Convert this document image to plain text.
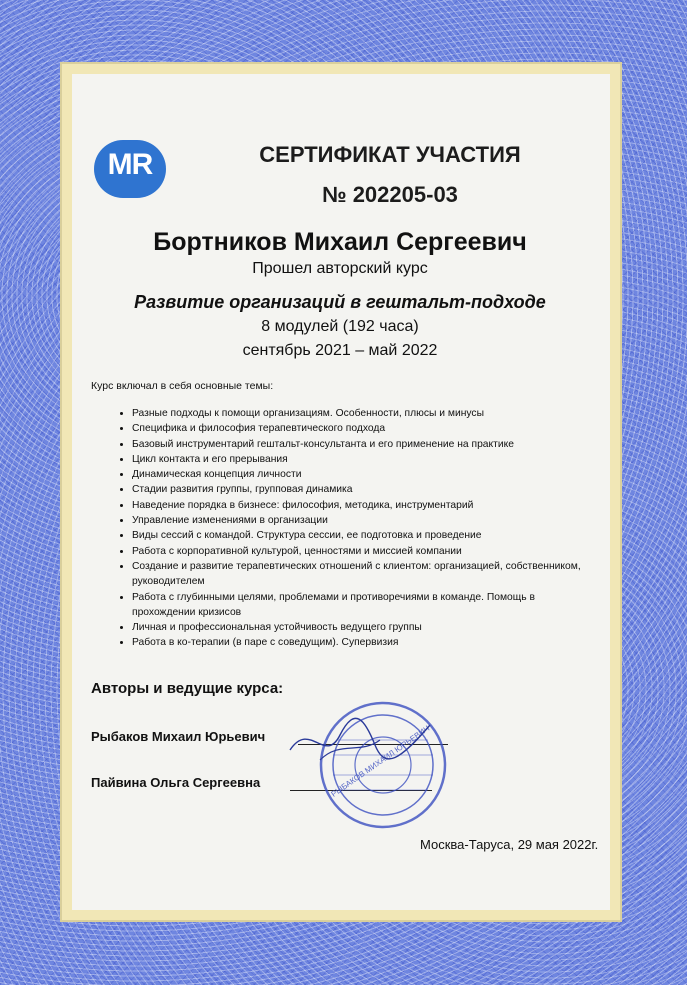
MR	СЕРТИФИКАТ УЧАСТИЯ
№ 202205-03
Бортников Михаил Сергеевич
Прошел авторский курс
Развитие организаций в гештальт-подходе
8 модулей (192 часа)
сентябрь 2021 – май 2022
Курс включал в себя основные темы:
• Разные подходы к помощи организациям. Особенности, плюсы и минусы
• Специфика и философия терапевтического подхода
• Базовый инструментарий гештальт-консультанта и его применение на практике
• Цикл контакта и его прерывания
• Динамическая концепция личности
• Стадии развития группы, групповая динамика
• Наведение порядка в бизнесе: философия, методика, инструментарий
• Управление изменениями в организации
• Виды сессий с командой. Структура сессии, ее подготовка и проведение
• Работа с корпоративной культурой, ценностями и миссией компании
• Создание и развитие терапевтических отношений с клиентом: организацией, собственником, руководителем
• Работа с глубинными целями, проблемами и противоречиями в команде. Помощь в прохождении кризисов
• Личная и профессиональная устойчивость ведущего группы
• Работа в ко-терапии (в паре с соведущим). Супервизия
Авторы и ведущие курса:
Рыбаков Михаил Юрьевич
Пайвина Ольга Сергеевна	РЫБАКОВ МИХАИЛ ЮРЬЕВИЧ
Москва-Таруса, 29 мая 2022г.
